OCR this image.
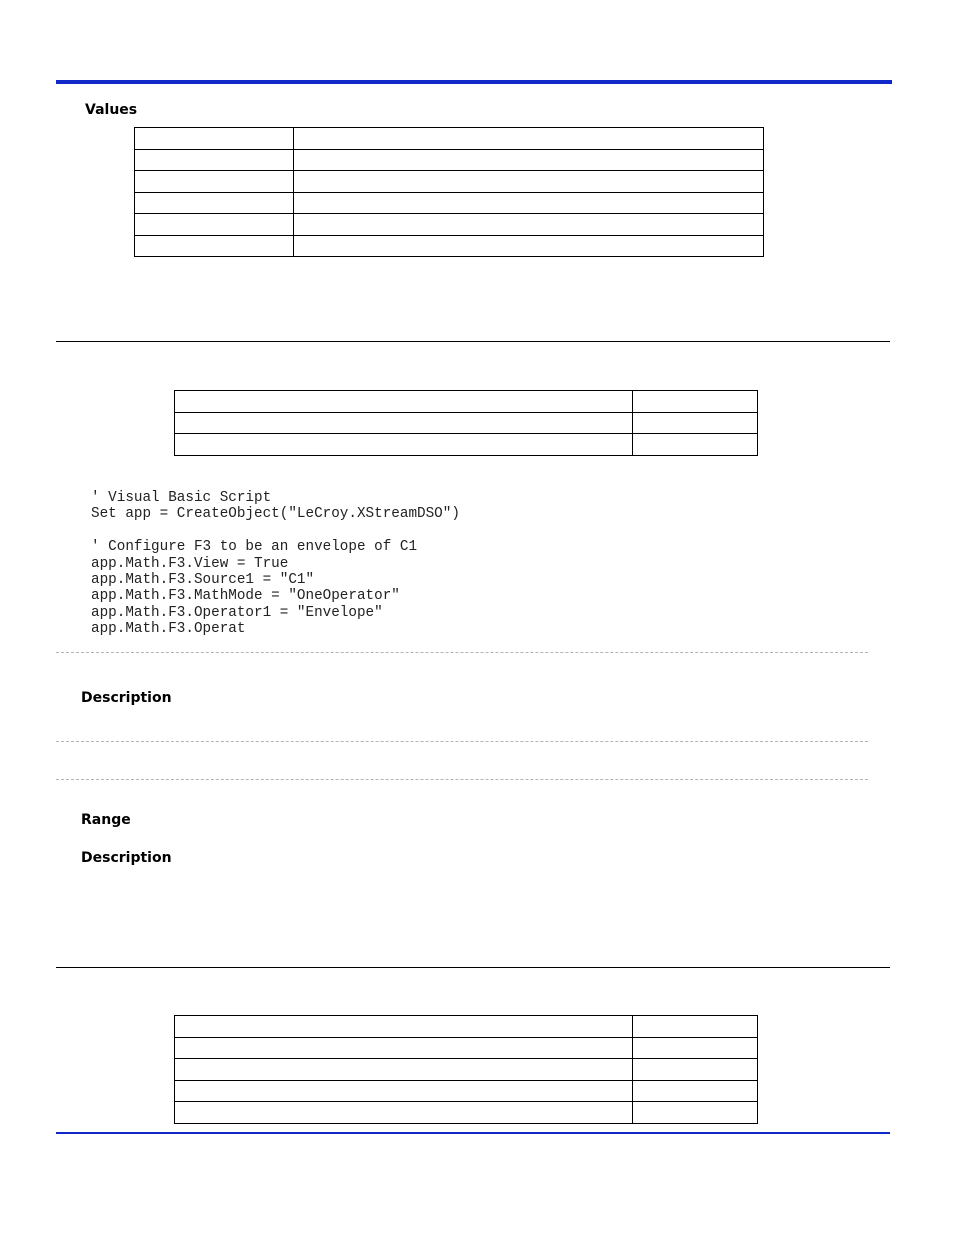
Values

' Visual Basic Script
Set app = CreateObject("LeCroy.XStreamDSO")

' Configure F3 to be an envelope of C1
app.Math.F3.View = True
app.Math.F3.Source1 = "C1"
app.Math.F3.MathMode = "OneOperator"
app.Math.F3.Operator1 = "Envelope"
app.Math.F3.Operat
Description
Range
Description
